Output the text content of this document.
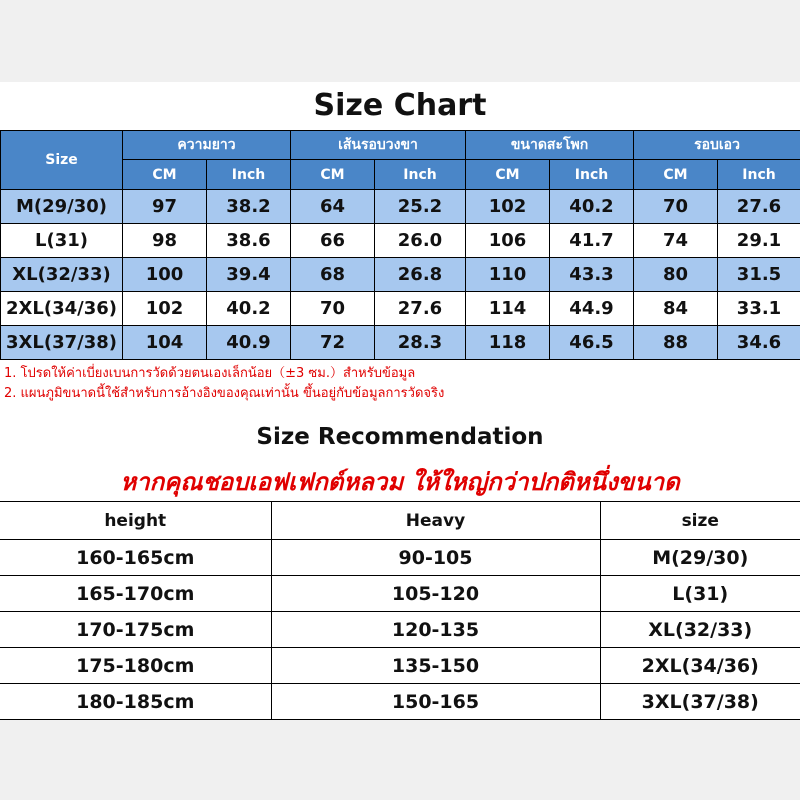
Size Chart
Size	ความยาว		เส้นรอบวงขา		ขนาดสะโพก		รอบเอว	
	CM	Inch	CM	Inch	CM	Inch	CM	Inch
M(29/30)	97	38.2	64	25.2	102	40.2	70	27.6
L(31)	98	38.6	66	26.0	106	41.7	74	29.1
XL(32/33)	100	39.4	68	26.8	110	43.3	80	31.5
2XL(34/36)	102	40.2	70	27.6	114	44.9	84	33.1
3XL(37/38)	104	40.9	72	28.3	118	46.5	88	34.6
1. โปรดให้ค่าเบี่ยงเบนการวัดด้วยตนเองเล็กน้อย（±3 ซม.）สำหรับข้อมูล
2. แผนภูมิขนาดนี้ใช้สำหรับการอ้างอิงของคุณเท่านั้น ขึ้นอยู่กับข้อมูลการวัดจริง
Size Recommendation
หากคุณชอบเอฟเฟกต์หลวม ให้ใหญ่กว่าปกติหนึ่งขนาด
height	Heavy	size
160-165cm	90-105	M(29/30)
165-170cm	105-120	L(31)
170-175cm	120-135	XL(32/33)
175-180cm	135-150	2XL(34/36)
180-185cm	150-165	3XL(37/38)
